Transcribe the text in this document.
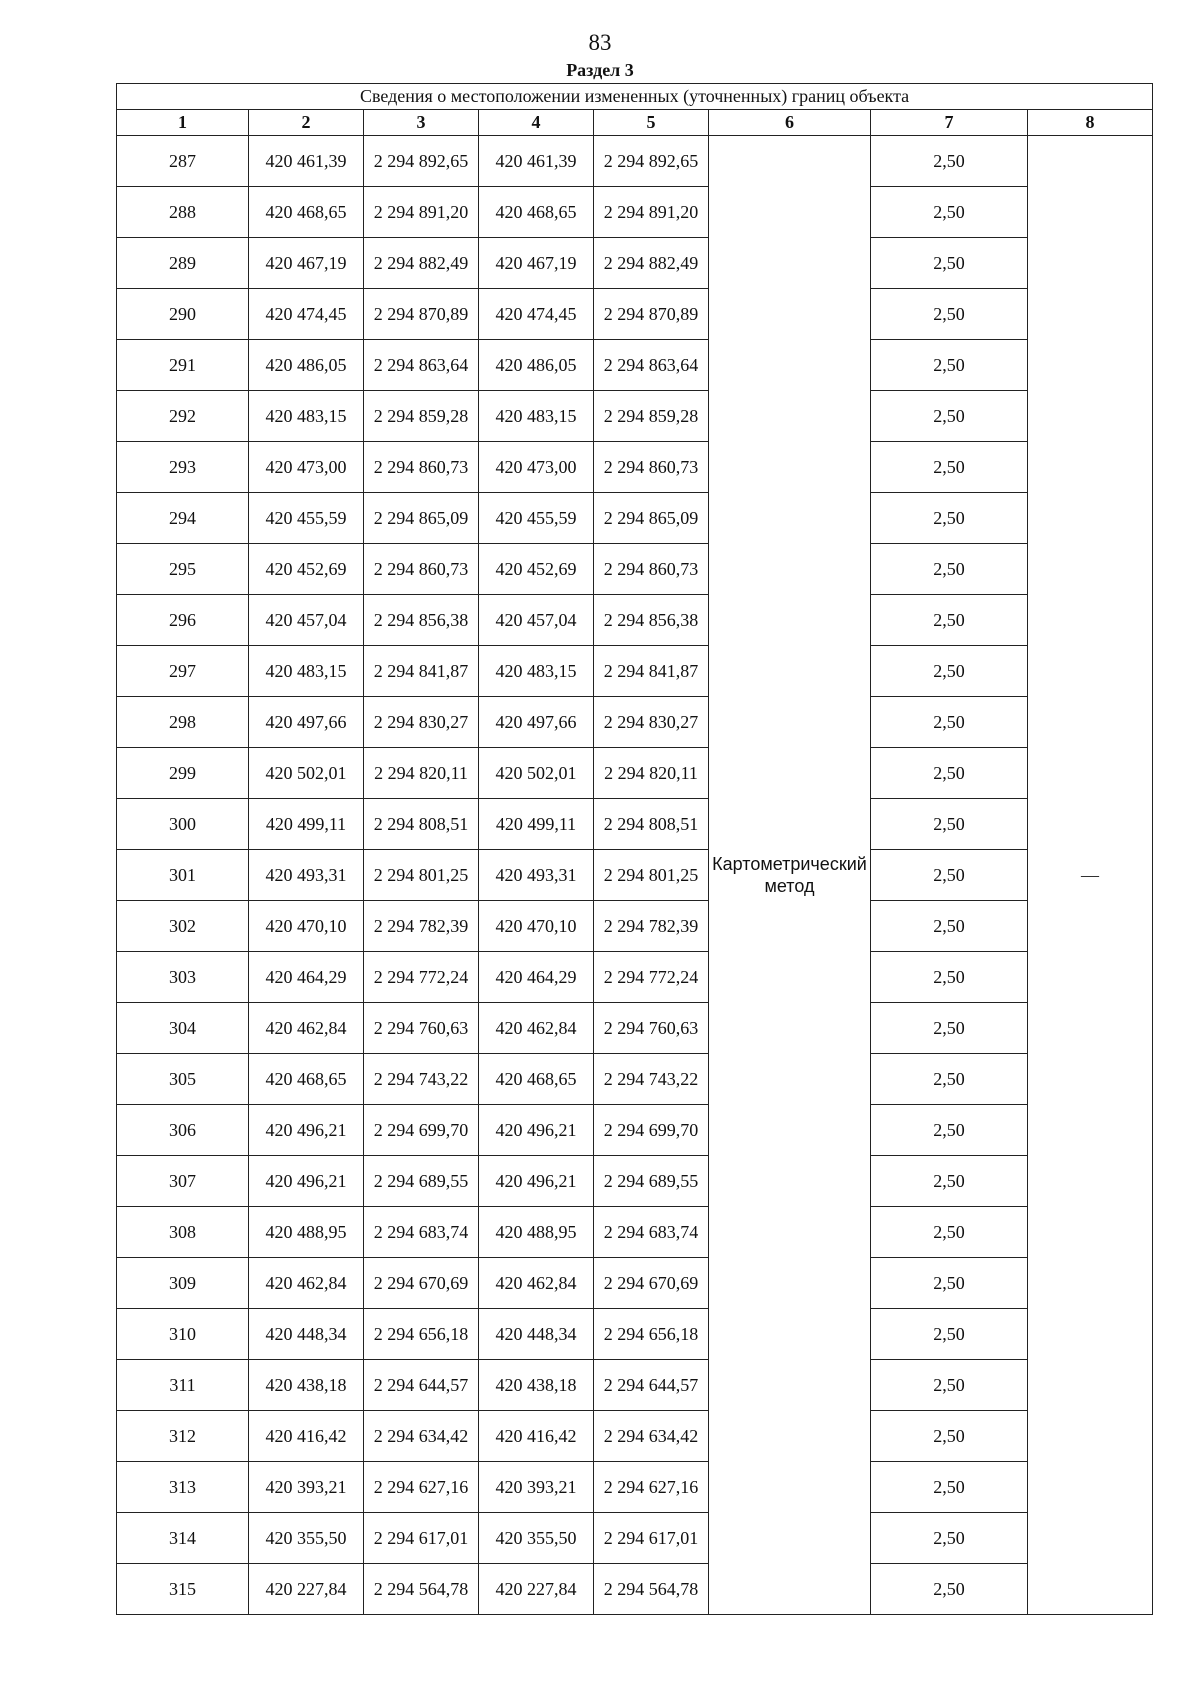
83
Раздел 3
Сведения о местоположении измененных (уточненных) границ объекта							
1	2	3	4	5	6	7	8
287	420 461,39	2 294 892,65	420 461,39	2 294 892,65	Картометрический метод	2,50	—
288	420 468,65	2 294 891,20	420 468,65	2 294 891,20		2,50	
289	420 467,19	2 294 882,49	420 467,19	2 294 882,49		2,50	
290	420 474,45	2 294 870,89	420 474,45	2 294 870,89		2,50	
291	420 486,05	2 294 863,64	420 486,05	2 294 863,64		2,50	
292	420 483,15	2 294 859,28	420 483,15	2 294 859,28		2,50	
293	420 473,00	2 294 860,73	420 473,00	2 294 860,73		2,50	
294	420 455,59	2 294 865,09	420 455,59	2 294 865,09		2,50	
295	420 452,69	2 294 860,73	420 452,69	2 294 860,73		2,50	
296	420 457,04	2 294 856,38	420 457,04	2 294 856,38		2,50	
297	420 483,15	2 294 841,87	420 483,15	2 294 841,87		2,50	
298	420 497,66	2 294 830,27	420 497,66	2 294 830,27		2,50	
299	420 502,01	2 294 820,11	420 502,01	2 294 820,11		2,50	
300	420 499,11	2 294 808,51	420 499,11	2 294 808,51		2,50	
301	420 493,31	2 294 801,25	420 493,31	2 294 801,25		2,50	
302	420 470,10	2 294 782,39	420 470,10	2 294 782,39		2,50	
303	420 464,29	2 294 772,24	420 464,29	2 294 772,24		2,50	
304	420 462,84	2 294 760,63	420 462,84	2 294 760,63		2,50	
305	420 468,65	2 294 743,22	420 468,65	2 294 743,22		2,50	
306	420 496,21	2 294 699,70	420 496,21	2 294 699,70		2,50	
307	420 496,21	2 294 689,55	420 496,21	2 294 689,55		2,50	
308	420 488,95	2 294 683,74	420 488,95	2 294 683,74		2,50	
309	420 462,84	2 294 670,69	420 462,84	2 294 670,69		2,50	
310	420 448,34	2 294 656,18	420 448,34	2 294 656,18		2,50	
311	420 438,18	2 294 644,57	420 438,18	2 294 644,57		2,50	
312	420 416,42	2 294 634,42	420 416,42	2 294 634,42		2,50	
313	420 393,21	2 294 627,16	420 393,21	2 294 627,16		2,50	
314	420 355,50	2 294 617,01	420 355,50	2 294 617,01		2,50	
315	420 227,84	2 294 564,78	420 227,84	2 294 564,78		2,50	
